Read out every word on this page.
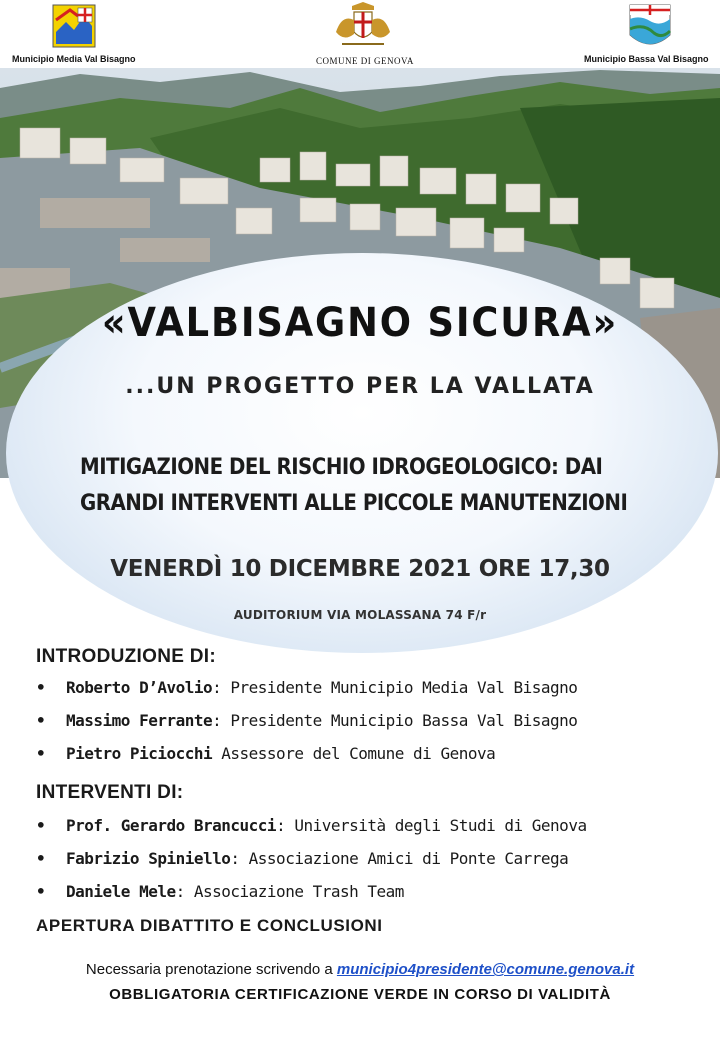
Municipio Media Val Bisagno	COMUNE DI GENOVA	Municipio Bassa Val Bisagno
«VALBISAGNO SICURA»
...UN PROGETTO PER LA VALLATA
MITIGAZIONE DEL RISCHIO IDROGEOLOGICO: DAI
GRANDI INTERVENTI ALLE PICCOLE MANUTENZIONI
VENERDÌ 10 DICEMBRE 2021 ORE 17,30
AUDITORIUM VIA MOLASSANA 74 F/r
INTRODUZIONE DI:
• Roberto D’Avolio: Presidente Municipio Media Val Bisagno
• Massimo Ferrante: Presidente Municipio Bassa Val Bisagno
• Pietro Piciocchi Assessore del Comune di Genova
INTERVENTI DI:
• Prof. Gerardo Brancucci: Università degli Studi di Genova
• Fabrizio Spiniello: Associazione Amici di Ponte Carrega
• Daniele Mele: Associazione Trash Team
APERTURA DIBATTITO E CONCLUSIONI
Necessaria prenotazione scrivendo a municipio4presidente@comune.genova.it
OBBLIGATORIA CERTIFICAZIONE VERDE IN CORSO DI VALIDITÀ
